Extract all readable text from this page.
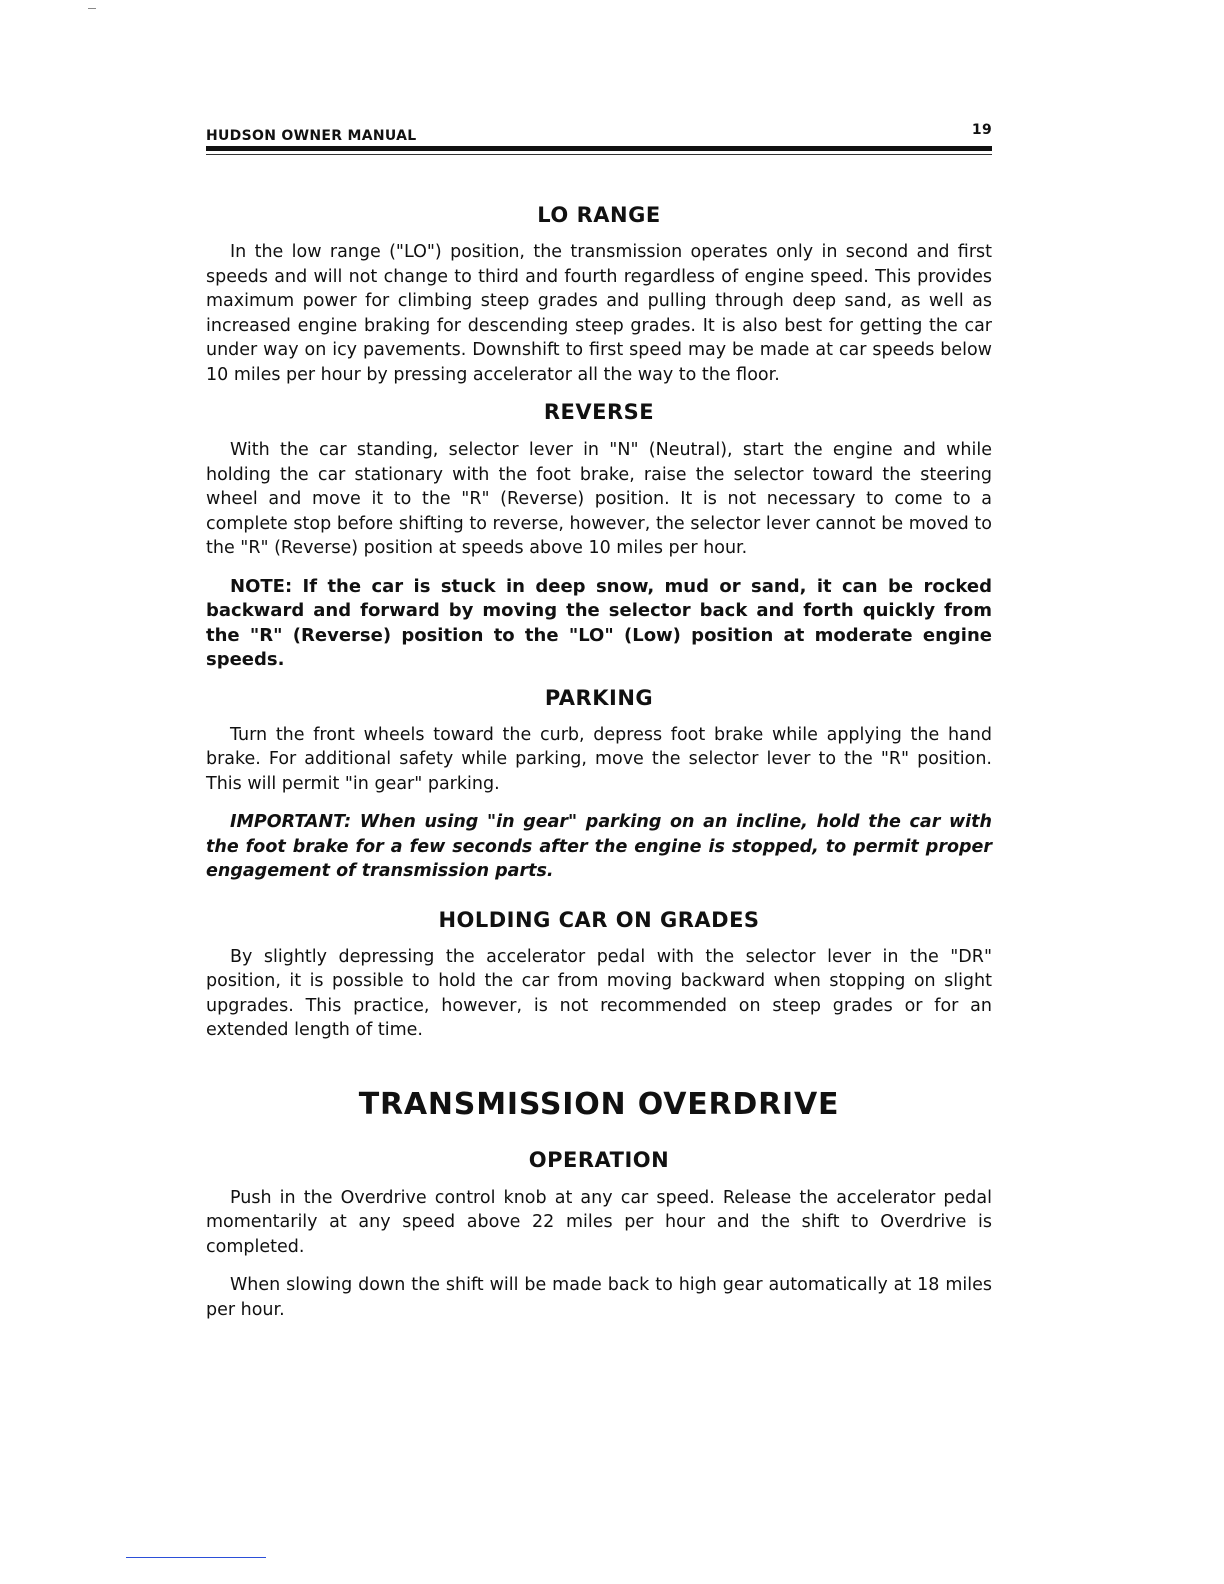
HUDSON OWNER MANUAL	19
LO RANGE

In the low range ("LO") position, the transmission operates only in second and first speeds and will not change to third and fourth regardless of engine speed. This provides maximum power for climbing steep grades and pulling through deep sand, as well as increased engine braking for descending steep grades. It is also best for getting the car under way on icy pavements. Downshift to first speed may be made at car speeds below 10 miles per hour by pressing accelerator all the way to the floor.

REVERSE

With the car standing, selector lever in "N" (Neutral), start the engine and while holding the car stationary with the foot brake, raise the selector toward the steering wheel and move it to the "R" (Reverse) position. It is not necessary to come to a complete stop before shifting to reverse, however, the selector lever cannot be moved to the "R" (Reverse) position at speeds above 10 miles per hour.

NOTE: If the car is stuck in deep snow, mud or sand, it can be rocked backward and forward by moving the selector back and forth quickly from the "R" (Reverse) position to the "LO" (Low) position at moderate engine speeds.

PARKING

Turn the front wheels toward the curb, depress foot brake while applying the hand brake. For additional safety while parking, move the selector lever to the "R" position. This will permit "in gear" parking.

IMPORTANT: When using "in gear" parking on an incline, hold the car with the foot brake for a few seconds after the engine is stopped, to permit proper engagement of transmission parts.

HOLDING CAR ON GRADES

By slightly depressing the accelerator pedal with the selector lever in the "DR" position, it is possible to hold the car from moving backward when stopping on slight upgrades. This practice, however, is not recommended on steep grades or for an extended length of time.

TRANSMISSION OVERDRIVE
OPERATION

Push in the Overdrive control knob at any car speed. Release the accelerator pedal momentarily at any speed above 22 miles per hour and the shift to Overdrive is completed.

When slowing down the shift will be made back to high gear automatically at 18 miles per hour.
